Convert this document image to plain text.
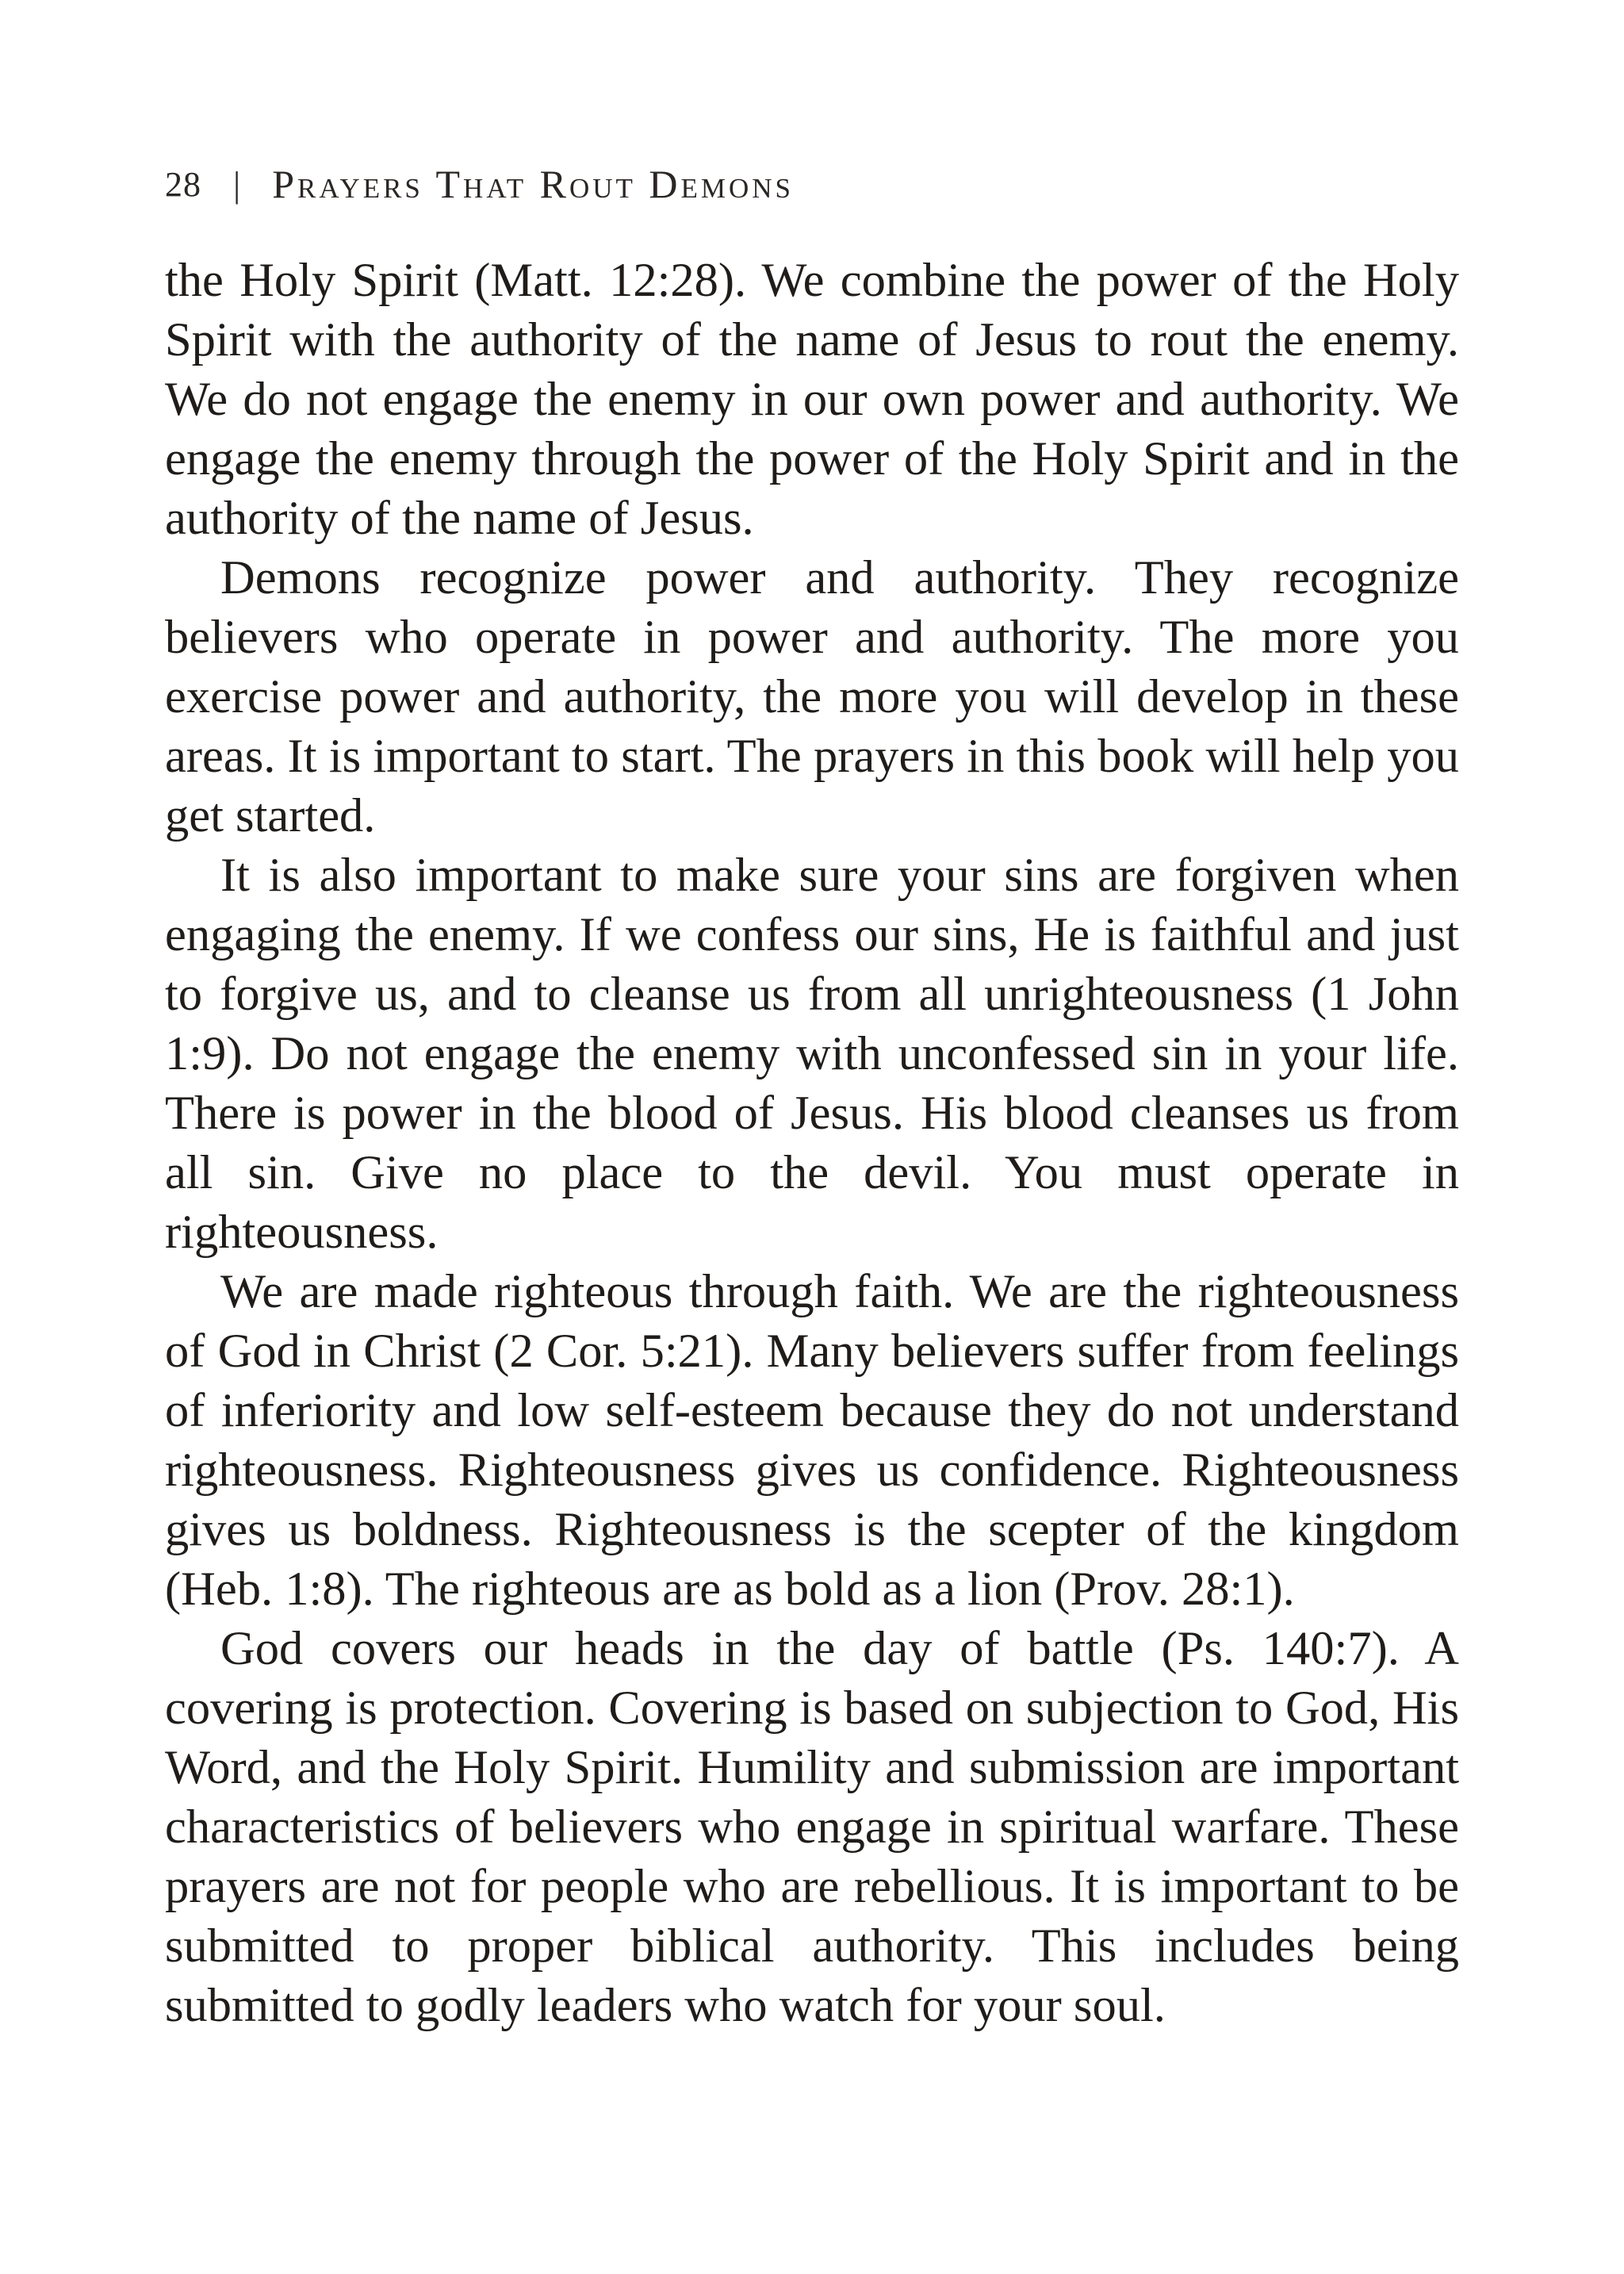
28 | Prayers That Rout Demons

the Holy Spirit (Matt. 12:28). We combine the power of the Holy Spirit with the authority of the name of Jesus to rout the enemy. We do not engage the enemy in our own power and authority. We engage the enemy through the power of the Holy Spirit and in the authority of the name of Jesus.

Demons recognize power and authority. They recognize believers who operate in power and authority. The more you exercise power and authority, the more you will develop in these areas. It is important to start. The prayers in this book will help you get started.

It is also important to make sure your sins are forgiven when engaging the enemy. If we confess our sins, He is faithful and just to forgive us, and to cleanse us from all unrighteousness (1 John 1:9). Do not engage the enemy with unconfessed sin in your life. There is power in the blood of Jesus. His blood cleanses us from all sin. Give no place to the devil. You must operate in righteousness.

We are made righteous through faith. We are the righteousness of God in Christ (2 Cor. 5:21). Many believers suffer from feelings of inferiority and low self-esteem because they do not understand righteousness. Righteousness gives us confidence. Righteousness gives us boldness. Righteousness is the scepter of the kingdom (Heb. 1:8). The righteous are as bold as a lion (Prov. 28:1).

God covers our heads in the day of battle (Ps. 140:7). A covering is protection. Covering is based on subjection to God, His Word, and the Holy Spirit. Humility and submission are important characteristics of believers who engage in spiritual warfare. These prayers are not for people who are rebellious. It is important to be submitted to proper biblical authority. This includes being submitted to godly leaders who watch for your soul.
